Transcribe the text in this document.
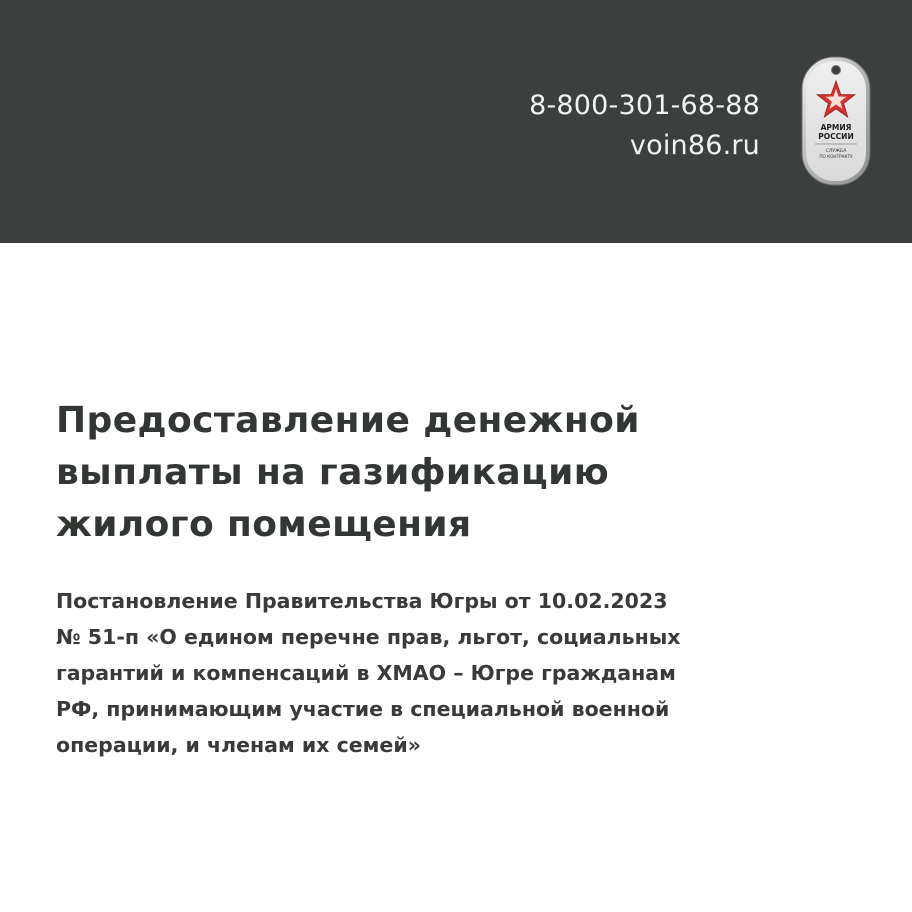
8-800-301-68-88
voin86.ru
АРМИЯ
РОССИИ
СЛУЖБА
ПО КОНТРАКТУ
Предоставление денежной
выплаты на газификацию
жилого помещения

Постановление Правительства Югры от 10.02.2023
№ 51-п «О едином перечне прав, льгот, социальных
гарантий и компенсаций в ХМАО – Югре гражданам
РФ, принимающим участие в специальной военной
операции, и членам их семей»
